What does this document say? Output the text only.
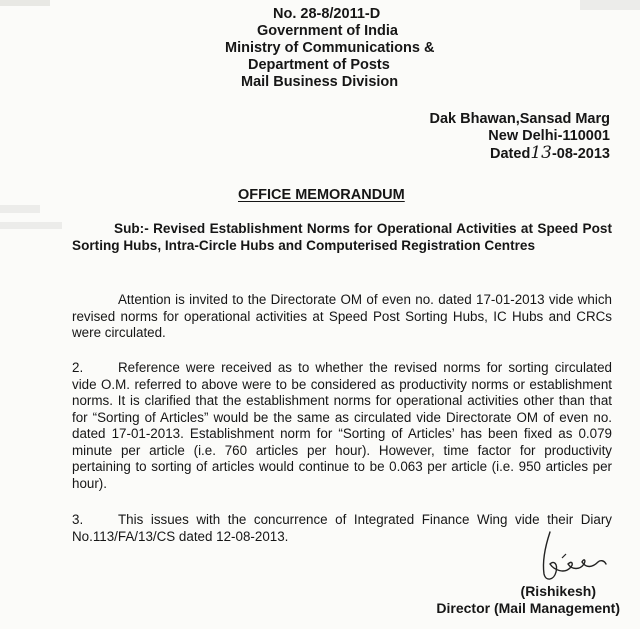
No. 28-8/2011-D
Government of India
Ministry of Communications &
Department of Posts
Mail Business Division
Dak Bhawan,Sansad Marg
New Delhi-110001
Dated13-08-2013
OFFICE MEMORANDUM
Sub:- Revised Establishment Norms for Operational Activities at Speed Post Sorting Hubs, Intra-Circle Hubs and Computerised Registration Centres
Attention is invited to the Directorate OM of even no. dated 17-01-2013 vide which revised norms for operational activities at Speed Post Sorting Hubs, IC Hubs and CRCs were circulated.
2.	Reference were received as to whether the revised norms for sorting circulated vide O.M. referred to above were to be considered as productivity norms or establishment norms. It is clarified that the establishment norms for operational activities other than that for “Sorting of Articles” would be the same as circulated vide Directorate OM of even no. dated 17-01-2013. Establishment norm for “Sorting of Articles’ has been fixed as 0.079 minute per article (i.e. 760 articles per hour). However, time factor for productivity pertaining to sorting of articles would continue to be 0.063 per article (i.e. 950 articles per hour).
3.	This issues with the concurrence of Integrated Finance Wing vide their Diary No.113/FA/13/CS dated 12-08-2013.
(Rishikesh)
Director (Mail Management)
